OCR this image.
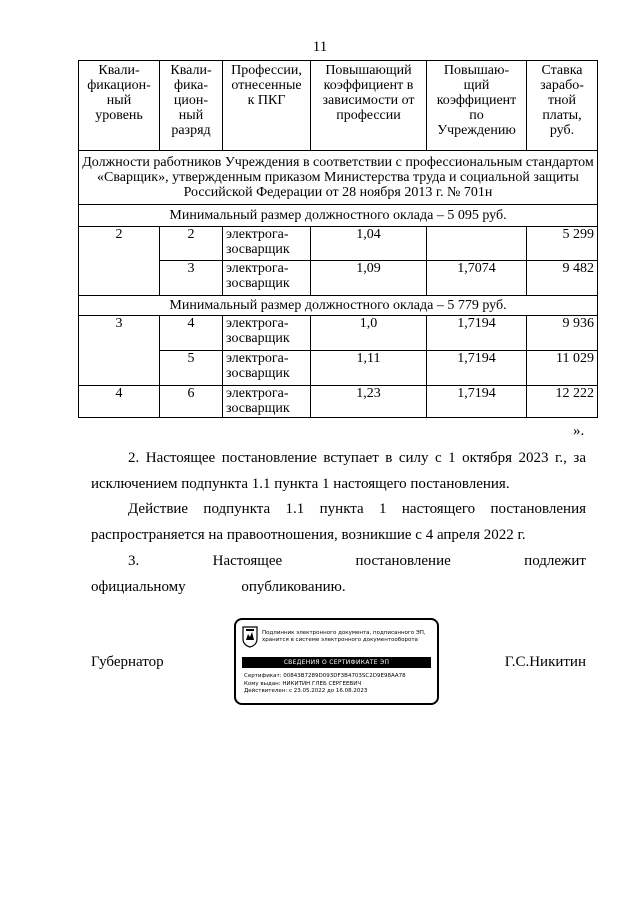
11
Квали-
фикацион-
ный
уровень	Квали-
фика-
цион-
ный
разряд	Профессии,
отнесенные
к ПКГ	Повышающий
коэффициент в
зависимости от
профессии	Повышаю-
щий
коэффициент
по
Учреждению	Ставка
зарабо-
тной
платы,
руб.
Должности работников Учреждения в соответствии с профессиональным стандартом «Сварщик», утвержденным приказом Министерства труда и социальной защиты Российской Федерации от 28 ноября 2013 г. № 701н					
Минимальный размер должностного оклада – 5 095 руб.					
2	2	электрога-
зосварщик	1,04		5 299
	3	электрога-
зосварщик	1,09	1,7074	9 482
Минимальный размер должностного оклада – 5 779 руб.					
3	4	электрога-
зосварщик	1,0	1,7194	9 936
	5	электрога-
зосварщик	1,11	1,7194	11 029
4	6	электрога-
зосварщик	1,23	1,7194	12 222
».
2. Настоящее постановление вступает в силу с 1 октября 2023 г., за исключением подпункта 1.1 пункта 1 настоящего постановления.
Действие подпункта 1.1 пункта 1 настоящего постановления распространяется на правоотношения, возникшие с 4 апреля 2022 г.
3. Настоящее постановление подлежит официальному опубликованию.
Губернатор	Г.С.Никитин
Подлинник электронного документа, подписанного ЭП,
хранится в системе электронного документооборота
СВЕДЕНИЯ О СЕРТИФИКАТЕ ЭП
Сертификат: 00843B7289D093DF3B4703SC2D9E98AA78
Кому выдан: НИКИТИН ГЛЕБ СЕРГЕЕВИЧ
Действителен: с 23.05.2022 до 16.08.2023
